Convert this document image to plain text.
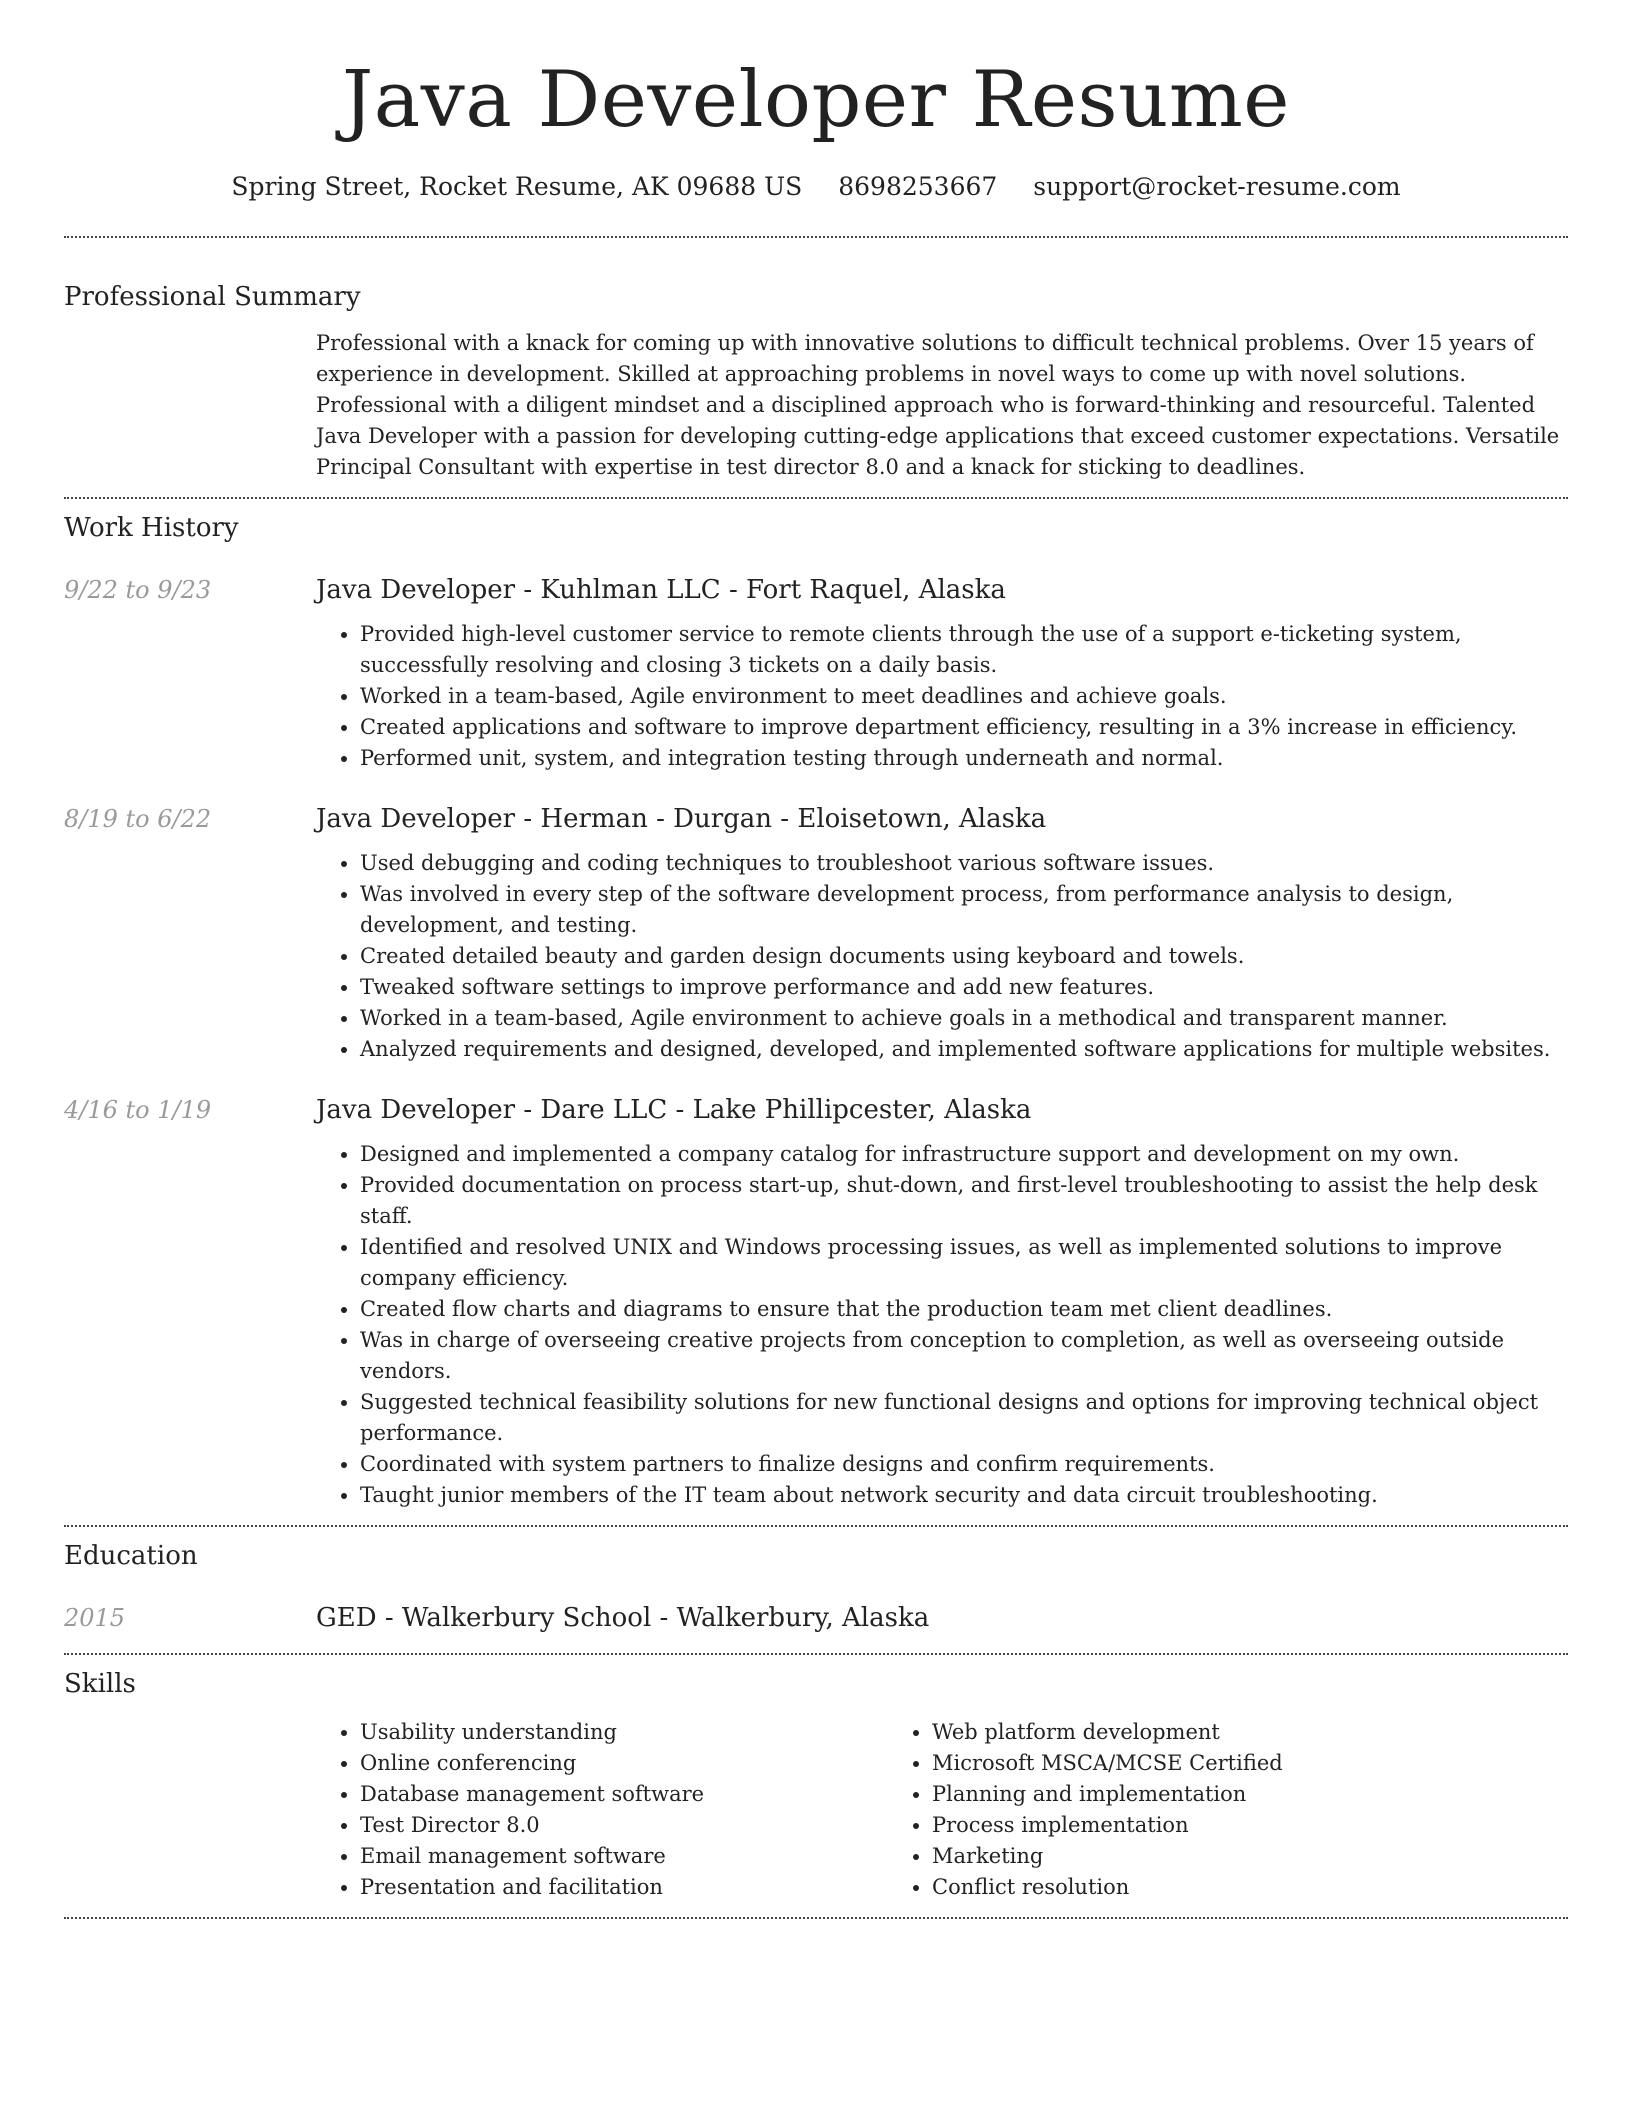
Java Developer Resume
Spring Street, Rocket Resume, AK 09688 US 8698253667 support@rocket-resume.com
Professional Summary
Professional with a knack for coming up with innovative solutions to difficult technical problems. Over 15 years of experience in development. Skilled at approaching problems in novel ways to come up with novel solutions. Professional with a diligent mindset and a disciplined approach who is forward-thinking and resourceful. Talented Java Developer with a passion for developing cutting-edge applications that exceed customer expectations. Versatile Principal Consultant with expertise in test director 8.0 and a knack for sticking to deadlines.
Work History
9/22 to 9/23	Java Developer - Kuhlman LLC - Fort Raquel, Alaska
• Provided high-level customer service to remote clients through the use of a support e-ticketing system, successfully resolving and closing 3 tickets on a daily basis.
• Worked in a team-based, Agile environment to meet deadlines and achieve goals.
• Created applications and software to improve department efficiency, resulting in a 3% increase in efficiency.
• Performed unit, system, and integration testing through underneath and normal.
8/19 to 6/22	Java Developer - Herman - Durgan - Eloisetown, Alaska
• Used debugging and coding techniques to troubleshoot various software issues.
• Was involved in every step of the software development process, from performance analysis to design, development, and testing.
• Created detailed beauty and garden design documents using keyboard and towels.
• Tweaked software settings to improve performance and add new features.
• Worked in a team-based, Agile environment to achieve goals in a methodical and transparent manner.
• Analyzed requirements and designed, developed, and implemented software applications for multiple websites.
4/16 to 1/19	Java Developer - Dare LLC - Lake Phillipcester, Alaska
• Designed and implemented a company catalog for infrastructure support and development on my own.
• Provided documentation on process start-up, shut-down, and first-level troubleshooting to assist the help desk staff.
• Identified and resolved UNIX and Windows processing issues, as well as implemented solutions to improve company efficiency.
• Created flow charts and diagrams to ensure that the production team met client deadlines.
• Was in charge of overseeing creative projects from conception to completion, as well as overseeing outside vendors.
• Suggested technical feasibility solutions for new functional designs and options for improving technical object performance.
• Coordinated with system partners to finalize designs and confirm requirements.
• Taught junior members of the IT team about network security and data circuit troubleshooting.
Education
2015	GED - Walkerbury School - Walkerbury, Alaska
Skills
• Usability understanding
• Online conferencing
• Database management software
• Test Director 8.0
• Email management software
• Presentation and facilitation
• Web platform development
• Microsoft MSCA/MCSE Certified
• Planning and implementation
• Process implementation
• Marketing
• Conflict resolution
